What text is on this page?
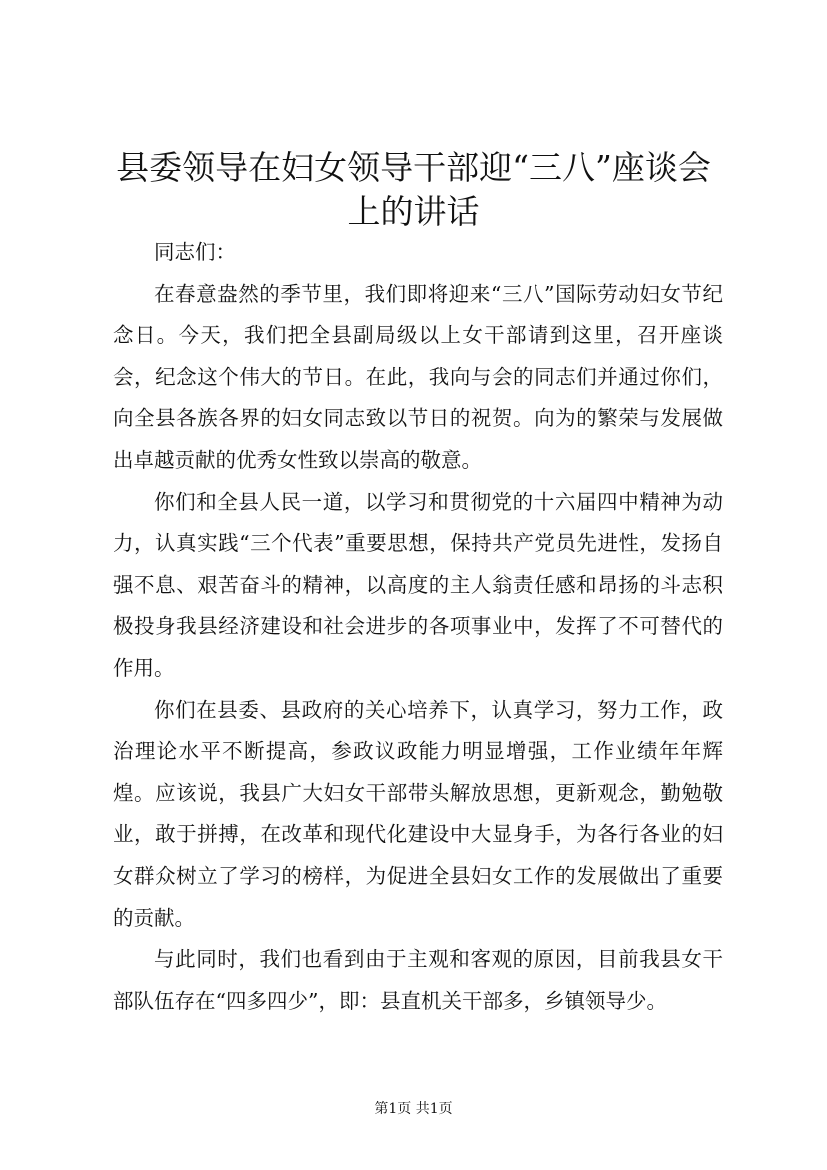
县委领导在妇女领导干部迎“三八”座谈会上的讲话

同志们：

在春意盎然的季节里，我们即将迎来“三八”国际劳动妇女节纪念日。今天，我们把全县副局级以上女干部请到这里，召开座谈会，纪念这个伟大的节日。在此，我向与会的同志们并通过你们，向全县各族各界的妇女同志致以节日的祝贺。向为的繁荣与发展做出卓越贡献的优秀女性致以崇高的敬意。

你们和全县人民一道，以学习和贯彻党的十六届四中精神为动力，认真实践“三个代表”重要思想，保持共产党员先进性，发扬自强不息、艰苦奋斗的精神，以高度的主人翁责任感和昂扬的斗志积极投身我县经济建设和社会进步的各项事业中，发挥了不可替代的作用。

你们在县委、县政府的关心培养下，认真学习，努力工作，政治理论水平不断提高，参政议政能力明显增强，工作业绩年年辉煌。应该说，我县广大妇女干部带头解放思想，更新观念，勤勉敬业，敢于拼搏，在改革和现代化建设中大显身手，为各行各业的妇女群众树立了学习的榜样，为促进全县妇女工作的发展做出了重要的贡献。

与此同时，我们也看到由于主观和客观的原因，目前我县女干部队伍存在“四多四少”，即：县直机关干部多，乡镇领导少。

第1页 共1页
